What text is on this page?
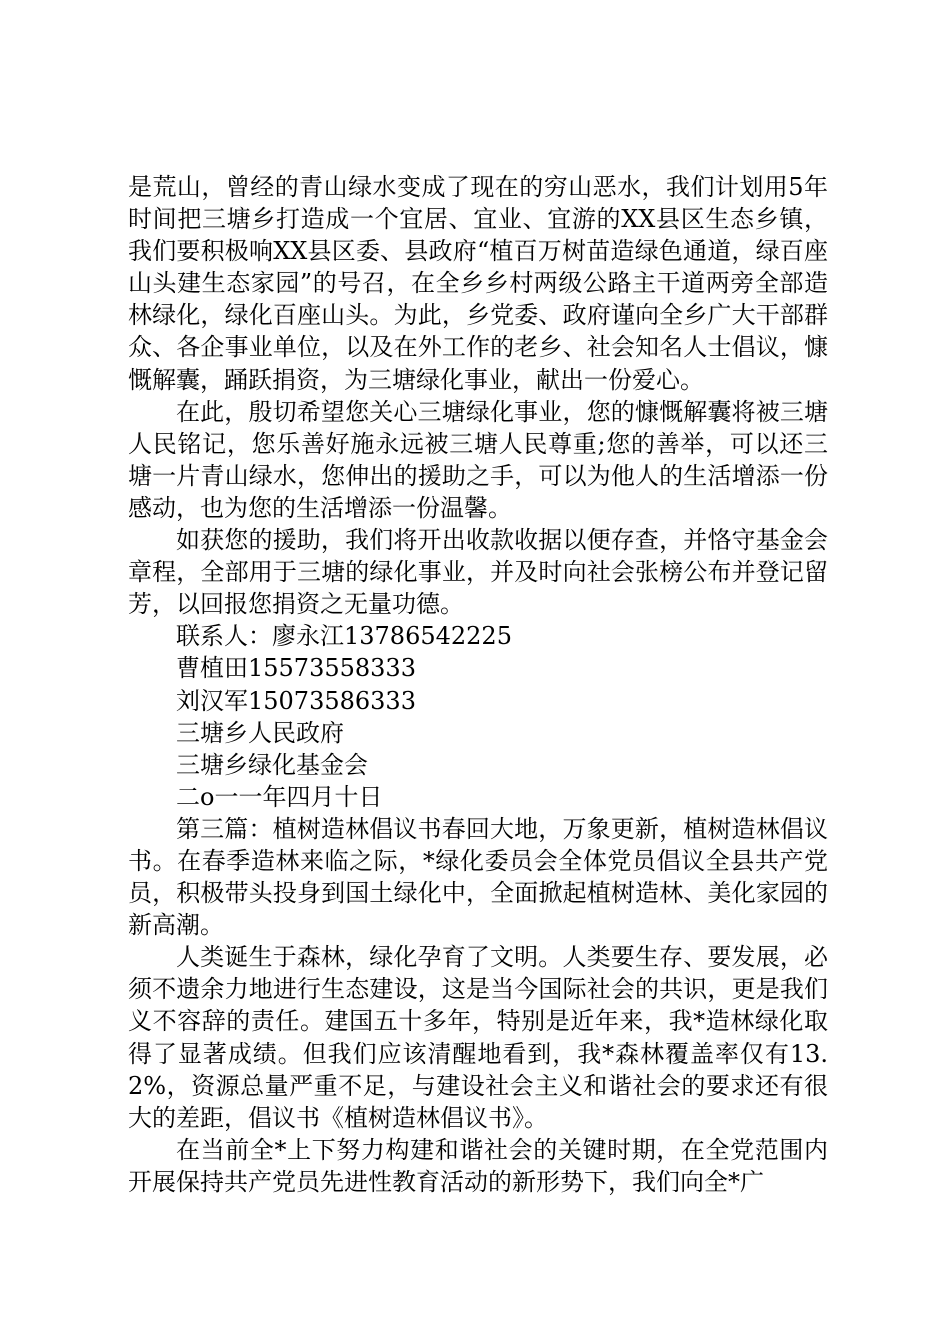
是荒山，曾经的青山绿水变成了现在的穷山恶水，我们计划用5年时间把三塘乡打造成一个宜居、宜业、宜游的XX县区生态乡镇，我们要积极响XX县区委、县政府“植百万树苗造绿色通道，绿百座山头建生态家园”的号召，在全乡乡村两级公路主干道两旁全部造林绿化，绿化百座山头。为此，乡党委、政府谨向全乡广大干部群众、各企事业单位，以及在外工作的老乡、社会知名人士倡议，慷慨解囊，踊跃捐资，为三塘绿化事业，献出一份爱心。

在此，殷切希望您关心三塘绿化事业，您的慷慨解囊将被三塘人民铭记，您乐善好施永远被三塘人民尊重;您的善举，可以还三塘一片青山绿水，您伸出的援助之手，可以为他人的生活增添一份感动，也为您的生活增添一份温馨。

如获您的援助，我们将开出收款收据以便存查，并恪守基金会章程，全部用于三塘的绿化事业，并及时向社会张榜公布并登记留芳，以回报您捐资之无量功德。

联系人：廖永江13786542225

曹植田15573558333

刘汉军15073586333

三塘乡人民政府

三塘乡绿化基金会

二o一一年四月十日

第三篇：植树造林倡议书春回大地，万象更新，植树造林倡议书。在春季造林来临之际，*绿化委员会全体党员倡议全县共产党员，积极带头投身到国土绿化中，全面掀起植树造林、美化家园的新高潮。

人类诞生于森林，绿化孕育了文明。人类要生存、要发展，必须不遗余力地进行生态建设，这是当今国际社会的共识，更是我们义不容辞的责任。建国五十多年，特别是近年来，我*造林绿化取得了显著成绩。但我们应该清醒地看到，我*森林覆盖率仅有13.2%，资源总量严重不足，与建设社会主义和谐社会的要求还有很大的差距，倡议书《植树造林倡议书》。

在当前全*上下努力构建和谐社会的关键时期，在全党范围内开展保持共产党员先进性教育活动的新形势下，我们向全*广
